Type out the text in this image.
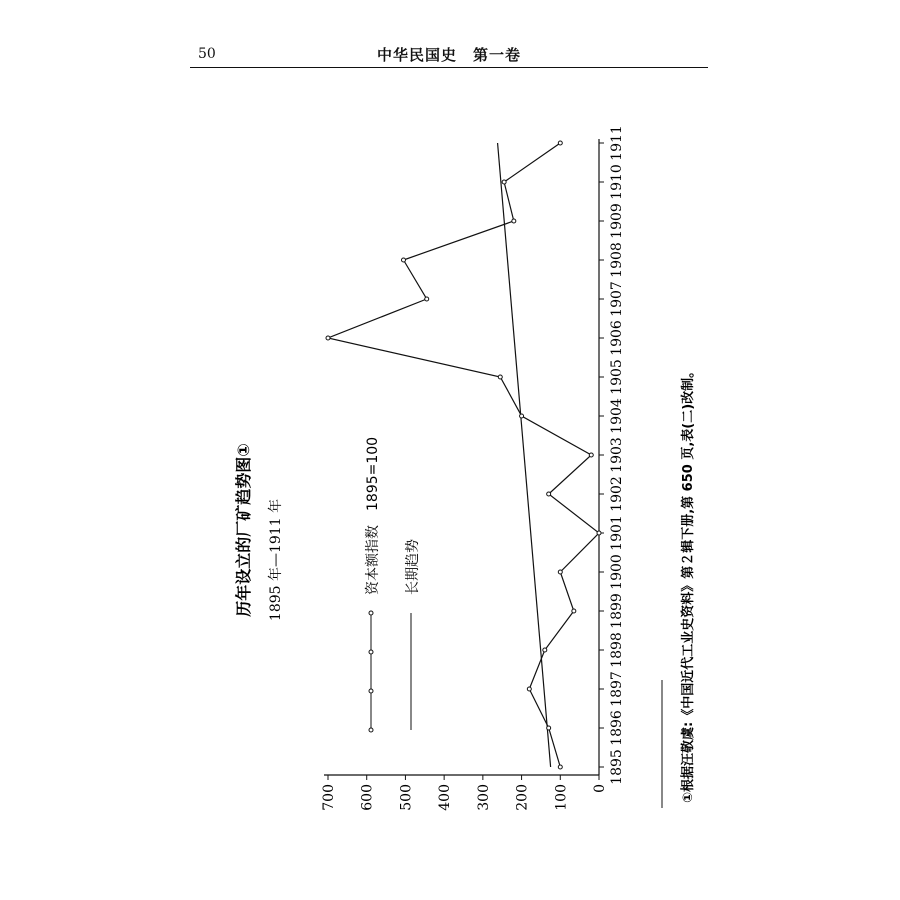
50	中华民国史　第一卷
1895
1896
1897
1898
1899
1900
1901
1902
1903
1904
1905
1906
1907
1908
1909
1910
1911
0
100
200
300
400
500
600
700
资本额指数　1895=100 长期趋势
历年设立的厂矿趋势图① 1895 年—1911 年	①根据汪敬虞:《中国近代工业史资料》第２辑下册,第 650 页,表(二)改制。
